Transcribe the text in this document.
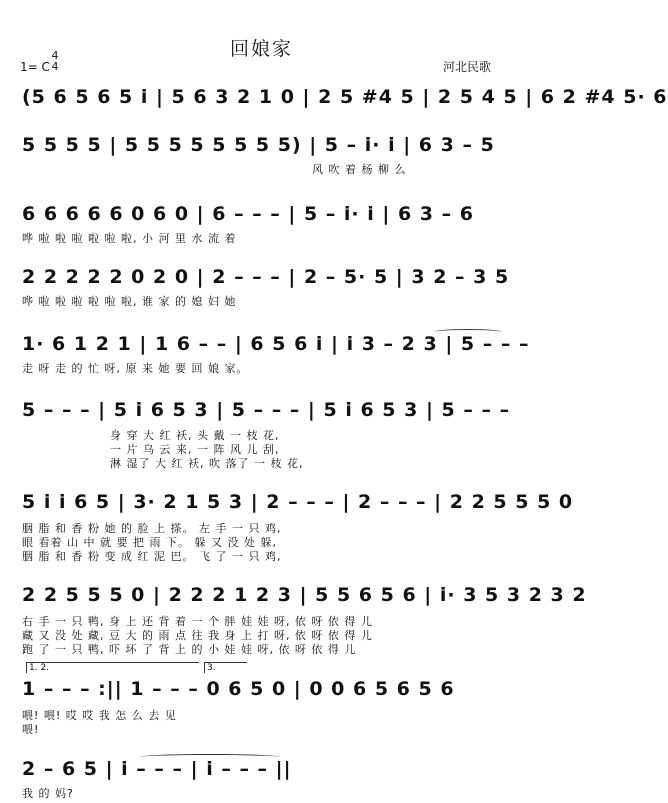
回娘家
1= C
4
4	河北民歌
(5 6 5 6 5 i | 5 6 3 2 1 0 | 2 5 #4 5 | 2 5 4 5 | 6 2 #4 5· 6
5 5 5 5 | 5 5 5 5 5 5 5 5) | 5 – i· i | 6 3 – 5
风 吹 着 杨 柳 么
6 6 6 6 6 0 6 0 | 6 – – – | 5 – i· i | 6 3 – 6
哗 啦 啦 啦 啦 啦 啦, 小 河 里 水 流 着
2 2 2 2 2 0 2 0 | 2 – – – | 2 – 5· 5 | 3 2 – 3 5
哗 啦 啦 啦 啦 啦 啦, 谁 家 的 媳 妇 她
1· 6 1 2 1 | 1 6 – – | 6 5 6 i | i 3 – 2 3 | 5 – – –
走 呀 走 的 忙 呀, 原 来 她 要 回 娘 家。
5 – – – | 5 i 6 5 3 | 5 – – – | 5 i 6 5 3 | 5 – – –
身 穿 大 红 袄, 头 戴 一 枝 花,
一 片 乌 云 来, 一 阵 风 儿 刮,
淋 湿了 大 红 袄, 吹 落了 一 枝 花,
5 i i 6 5 | 3· 2 1 5 3 | 2 – – – | 2 – – – | 2 2 5 5 5 0
胭 脂 和 香 粉 她 的 脸 上 搽。 左 手 一 只 鸡,
眼 看着 山 中 就 要 把 雨 下。 躲 又 没 处 躲,
胭 脂 和 香 粉 变 成 红 泥 巴。 飞 了 一 只 鸡,
2 2 5 5 5 0 | 2 2 2 1 2 3 | 5 5 6 5 6 | i· 3 5 3 2 3 2
右 手 一 只 鸭, 身 上 还 背 着 一 个 胖 娃 娃 呀, 依 呀 依 得 儿
藏 又 没 处 藏, 豆 大 的 雨 点 往 我 身 上 打 呀, 依 呀 依 得 儿
跑 了 一 只 鸭, 吓 坏 了 背 上 的 小 娃 娃 呀, 依 呀 依 得 儿
1. 2.	3.
1 – – – :|| 1 – – – 0 6 5 0 | 0 0 6 5 6 5 6
喂! 喂! 哎 哎 我 怎 么 去 见
喂!
2 – 6 5 | i – – – | i – – – ||
我 的 妈?
